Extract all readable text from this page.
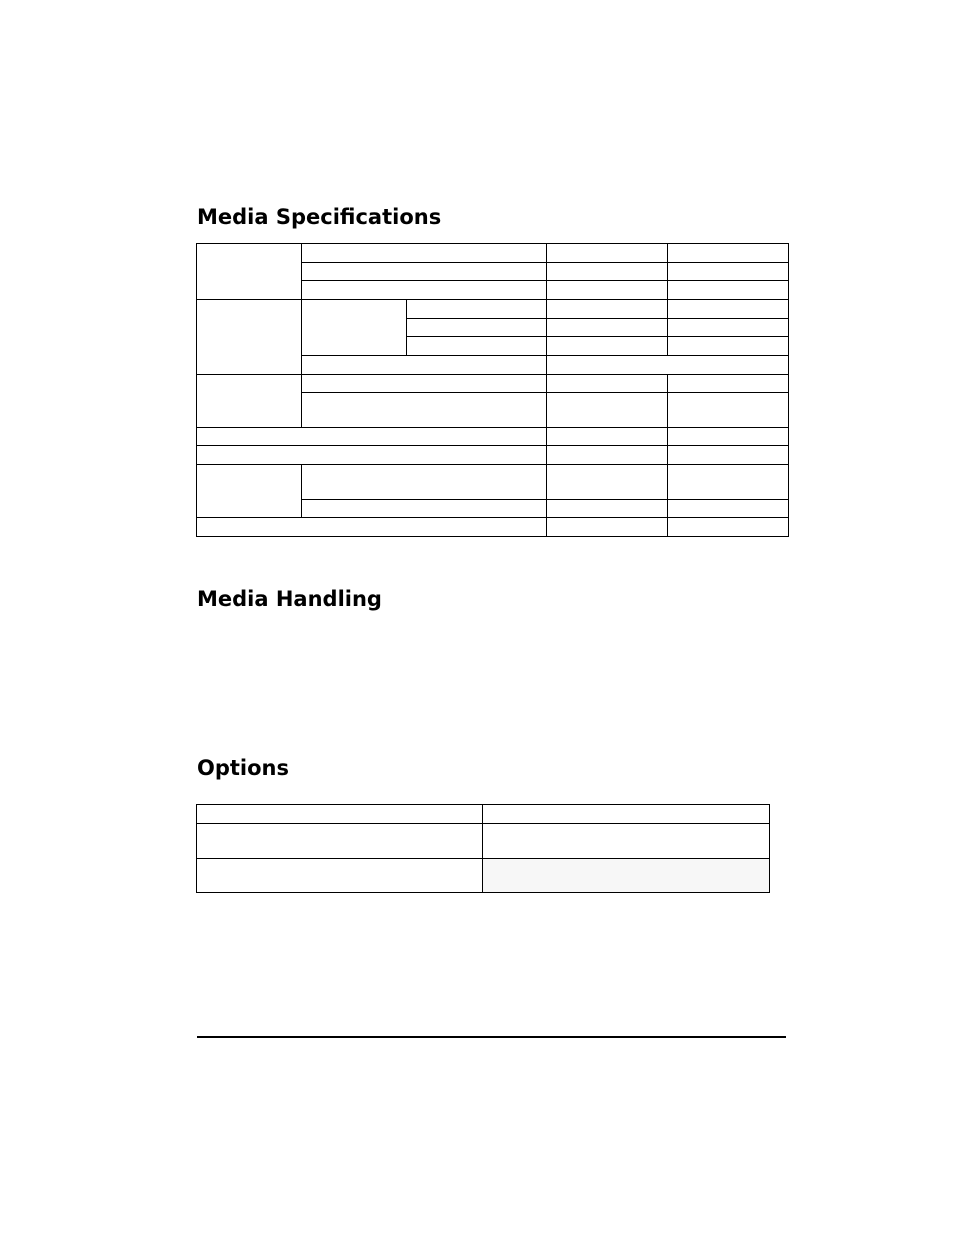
Media Specifications

Media Handling
Options
